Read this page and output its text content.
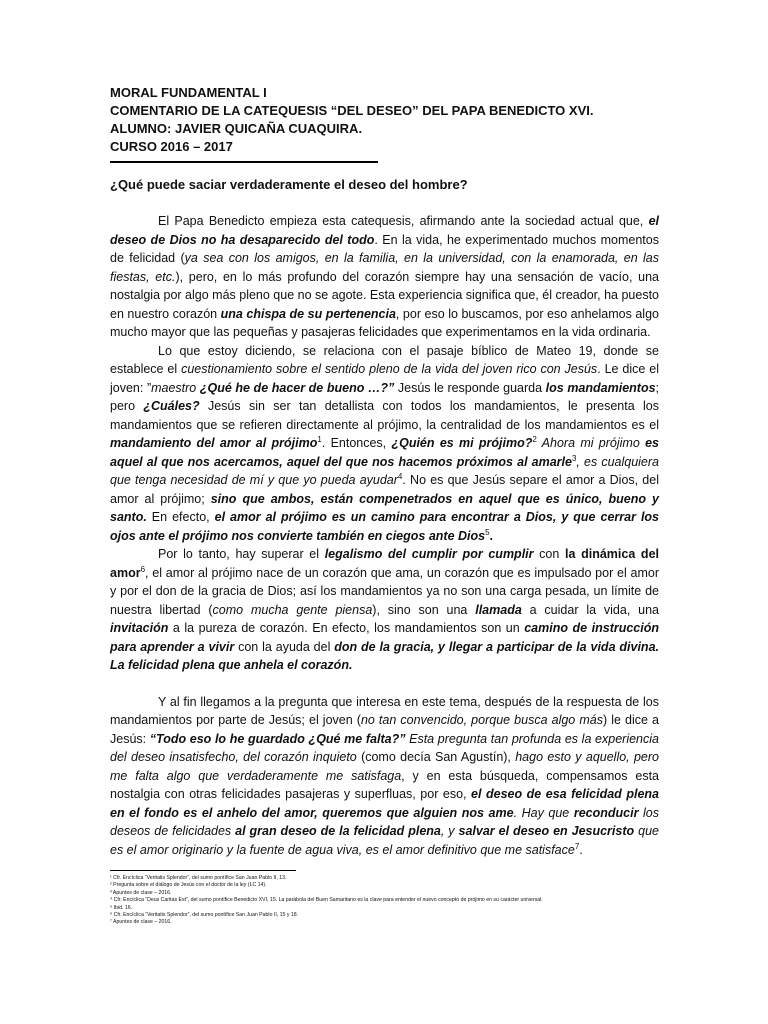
MORAL FUNDAMENTAL I
COMENTARIO DE LA CATEQUESIS “DEL DESEO” DEL PAPA BENEDICTO XVI.
ALUMNO: JAVIER QUICAÑA CUAQUIRA.
CURSO 2016 – 2017
¿Qué puede saciar verdaderamente el deseo del hombre?

El Papa Benedicto empieza esta catequesis, afirmando ante la sociedad actual que, el deseo de Dios no ha desaparecido del todo. En la vida, he experimentado muchos momentos de felicidad (ya sea con los amigos, en la familia, en la universidad, con la enamorada, en las fiestas, etc.), pero, en lo más profundo del corazón siempre hay una sensación de vacío, una nostalgia por algo más pleno que no se agote. Esta experiencia significa que, él creador, ha puesto en nuestro corazón una chispa de su pertenencia, por eso lo buscamos, por eso anhelamos algo mucho mayor que las pequeñas y pasajeras felicidades que experimentamos en la vida ordinaria.

Lo que estoy diciendo, se relaciona con el pasaje bíblico de Mateo 19, donde se establece el cuestionamiento sobre el sentido pleno de la vida del joven rico con Jesús. Le dice el joven: ”maestro ¿Qué he de hacer de bueno …?” Jesús le responde guarda los mandamientos; pero ¿Cuáles? Jesús sin ser tan detallista con todos los mandamientos, le presenta los mandamientos que se refieren directamente al prójimo, la centralidad de los mandamientos es el mandamiento del amor al prójimo$^1$. Entonces, ¿Quién es mi prójimo?$^2$ Ahora mi prójimo es aquel al que nos acercamos, aquel del que nos hacemos próximos al amarle$^3$, es cualquiera que tenga necesidad de mí y que yo pueda ayudar$^4$. No es que Jesús separe el amor a Dios, del amor al prójimo; sino que ambos, están compenetrados en aquel que es único, bueno y santo. En efecto, el amor al prójimo es un camino para encontrar a Dios, y que cerrar los ojos ante el prójimo nos convierte también en ciegos ante Dios$^5$.

Por lo tanto, hay superar el legalismo del cumplir por cumplir con la dinámica del amor$^6$, el amor al prójimo nace de un corazón que ama, un corazón que es impulsado por el amor y por el don de la gracia de Dios; así los mandamientos ya no son una carga pesada, un límite de nuestra libertad (como mucha gente piensa), sino son una llamada a cuidar la vida, una invitación a la pureza de corazón. En efecto, los mandamientos son un camino de instrucción para aprender a vivir con la ayuda del don de la gracia, y llegar a participar de la vida divina. La felicidad plena que anhela el corazón.

Y al fin llegamos a la pregunta que interesa en este tema, después de la respuesta de los mandamientos por parte de Jesús; el joven (no tan convencido, porque busca algo más) le dice a Jesús: “Todo eso lo he guardado ¿Qué me falta?” Esta pregunta tan profunda es la experiencia del deseo insatisfecho, del corazón inquieto (como decía San Agustín), hago esto y aquello, pero me falta algo que verdaderamente me satisfaga, y en esta búsqueda, compensamos esta nostalgia con otras felicidades pasajeras y superfluas, por eso, el deseo de esa felicidad plena en el fondo es el anhelo del amor, queremos que alguien nos ame. Hay que reconducir los deseos de felicidades al gran deseo de la felicidad plena, y salvar el deseo en Jesucristo que es el amor originario y la fuente de agua viva, es el amor definitivo que me satisface$^7$.

¹ Cfr. Encíclica “Veritatis Splendor”, del sumo pontífice San Juan Pablo II, 13.
² Pregunta sobre el diálogo de Jesús con el doctor de la ley (LC 14).
³ Apuntes de clase – 2016.
⁴ Cfr. Encíclica “Deus Caritas Est”, del sumo pontífice Benedicto XVI, 15. La parábola del Buen Samaritano es la clave para entender el nuevo concepto de prójimo en su carácter universal.
⁵ Ibid. 16.
⁶ Cfr. Encíclica “Veritatis Splendor”, del sumo pontífice San Juan Pablo II, 15 y 18.
⁷ Apuntes de clase – 2016.
